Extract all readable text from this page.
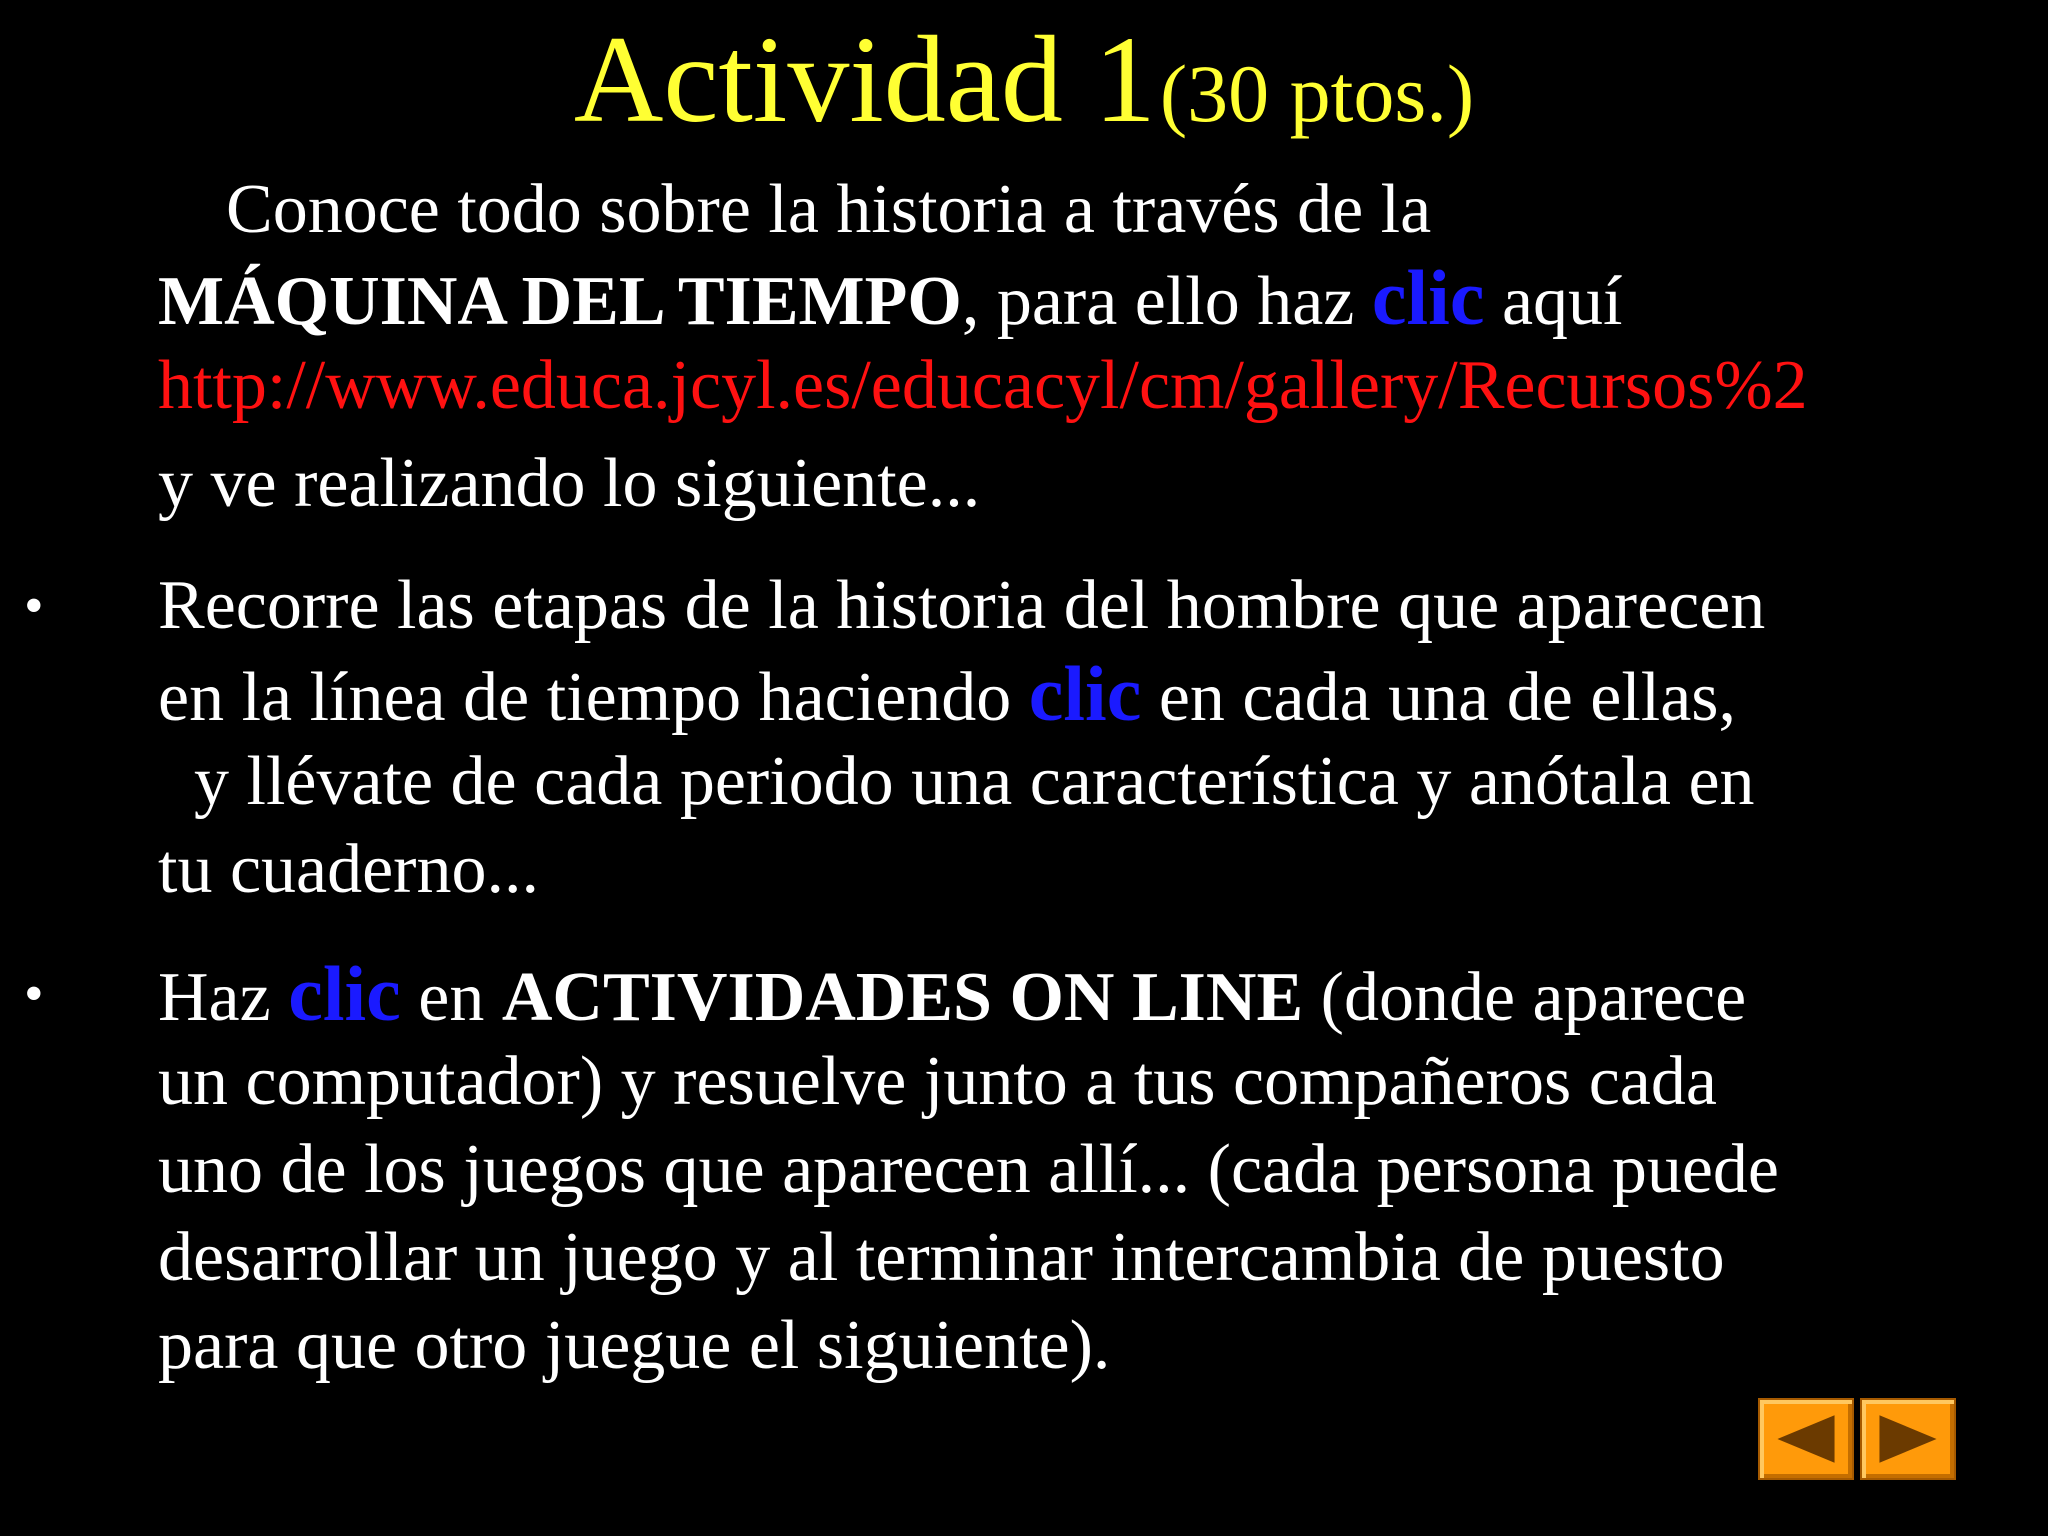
Actividad 1 (30 ptos.)
Conoce todo sobre la historia a través de la
MÁQUINA DEL TIEMPO, para ello haz clic aquí
http://www.educa.jcyl.es/educacyl/cm/gallery/Recursos%2
y ve realizando lo siguiente...
• Recorre las etapas de la historia del hombre que aparecen
en la línea de tiempo haciendo clic en cada una de ellas,
y llévate de cada periodo una característica y anótala en
tu cuaderno...
• Haz clic en ACTIVIDADES ON LINE (donde aparece
un computador) y resuelve junto a tus compañeros cada
uno de los juegos que aparecen allí... (cada persona puede
desarrollar un juego y al terminar intercambia de puesto
para que otro juegue el siguiente).
